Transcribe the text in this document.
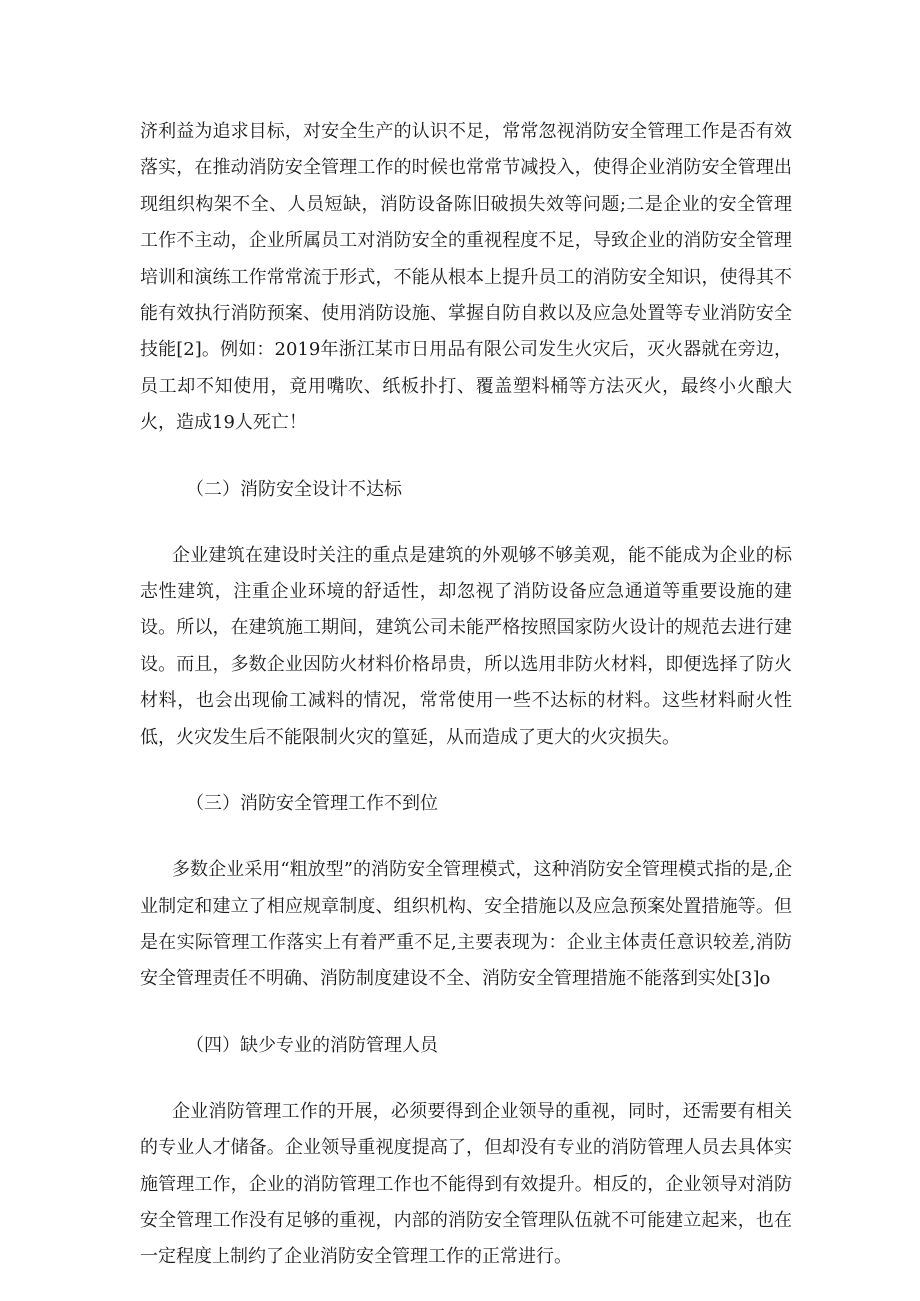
济利益为追求目标，对安全生产的认识不足，常常忽视消防安全管理工作是否有效落实，在推动消防安全管理工作的时候也常常节减投入，使得企业消防安全管理出现组织构架不全、人员短缺，消防设备陈旧破损失效等问题;二是企业的安全管理工作不主动，企业所属员工对消防安全的重视程度不足，导致企业的消防安全管理培训和演练工作常常流于形式，不能从根本上提升员工的消防安全知识，使得其不能有效执行消防预案、使用消防设施、掌握自防自救以及应急处置等专业消防安全技能[2]。例如：2019年浙江某市日用品有限公司发生火灾后，灭火器就在旁边，员工却不知使用，竟用嘴吹、纸板扑打、覆盖塑料桶等方法灭火，最终小火酿大火，造成19人死亡！

（二）消防安全设计不达标

企业建筑在建设时关注的重点是建筑的外观够不够美观，能不能成为企业的标志性建筑，注重企业环境的舒适性，却忽视了消防设备应急通道等重要设施的建设。所以，在建筑施工期间，建筑公司未能严格按照国家防火设计的规范去进行建设。而且，多数企业因防火材料价格昂贵，所以选用非防火材料，即便选择了防火材料，也会出现偷工减料的情况，常常使用一些不达标的材料。这些材料耐火性低，火灾发生后不能限制火灾的篁延，从而造成了更大的火灾损失。

（三）消防安全管理工作不到位

多数企业采用“粗放型”的消防安全管理模式，这种消防安全管理模式指的是,企业制定和建立了相应规章制度、组织机构、安全措施以及应急预案处置措施等。但是在实际管理工作落实上有着严重不足,主要表现为：企业主体责任意识较差,消防安全管理责任不明确、消防制度建设不全、消防安全管理措施不能落到实处[3]o

（四）缺少专业的消防管理人员

企业消防管理工作的开展，必须要得到企业领导的重视，同时，还需要有相关的专业人才储备。企业领导重视度提高了，但却没有专业的消防管理人员去具体实施管理工作，企业的消防管理工作也不能得到有效提升。相反的，企业领导对消防安全管理工作没有足够的重视，内部的消防安全管理队伍就不可能建立起来，也在一定程度上制约了企业消防安全管理工作的正常进行。
